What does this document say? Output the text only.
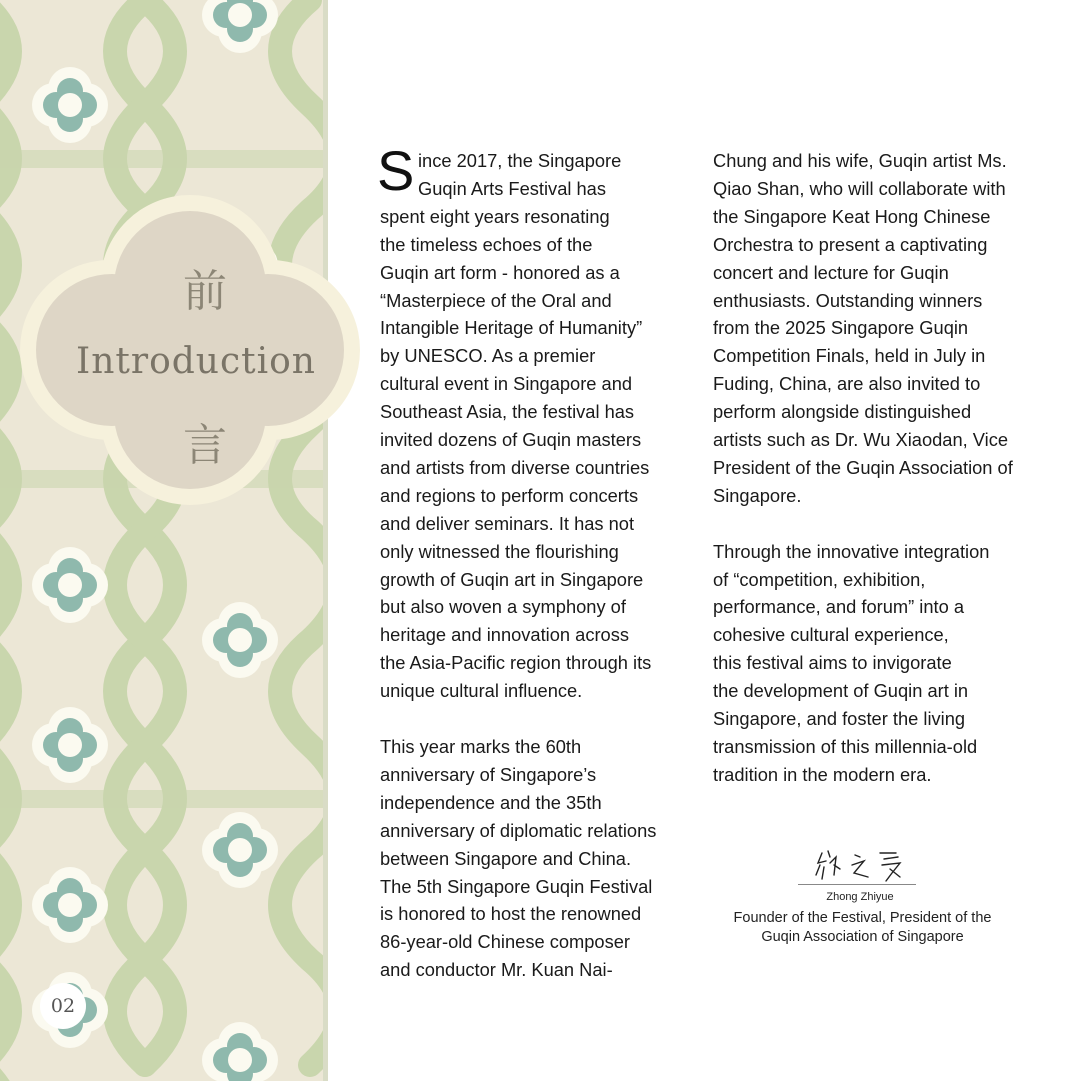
前
Introduction
言
02
S ince 2017, the Singapore
Guqin Arts Festival has
spent eight years resonating
the timeless echoes of the
Guqin art form - honored as a
“Masterpiece of the Oral and
Intangible Heritage of Humanity”
by UNESCO. As a premier
cultural event in Singapore and
Southeast Asia, the festival has
invited dozens of Guqin masters
and artists from diverse countries
and regions to perform concerts
and deliver seminars. It has not
only witnessed the flourishing
growth of Guqin art in Singapore
but also woven a symphony of
heritage and innovation across
the Asia-Pacific region through its
unique cultural influence.
This year marks the 60th
anniversary of Singapore’s
independence and the 35th
anniversary of diplomatic relations
between Singapore and China.
The 5th Singapore Guqin Festival
is honored to host the renowned
86-year-old Chinese composer
and conductor Mr. Kuan Nai-
Chung and his wife, Guqin artist Ms.
Qiao Shan, who will collaborate with
the Singapore Keat Hong Chinese
Orchestra to present a captivating
concert and lecture for Guqin
enthusiasts. Outstanding winners
from the 2025 Singapore Guqin
Competition Finals, held in July in
Fuding, China, are also invited to
perform alongside distinguished
artists such as Dr. Wu Xiaodan, Vice
President of the Guqin Association of
Singapore.
Through the innovative integration
of “competition, exhibition,
performance, and forum” into a
cohesive cultural experience,
this festival aims to invigorate
the development of Guqin art in
Singapore, and foster the living
transmission of this millennia-old
tradition in the modern era.
Zhong Zhiyue
Founder of the Festival, President of the
Guqin Association of Singapore
